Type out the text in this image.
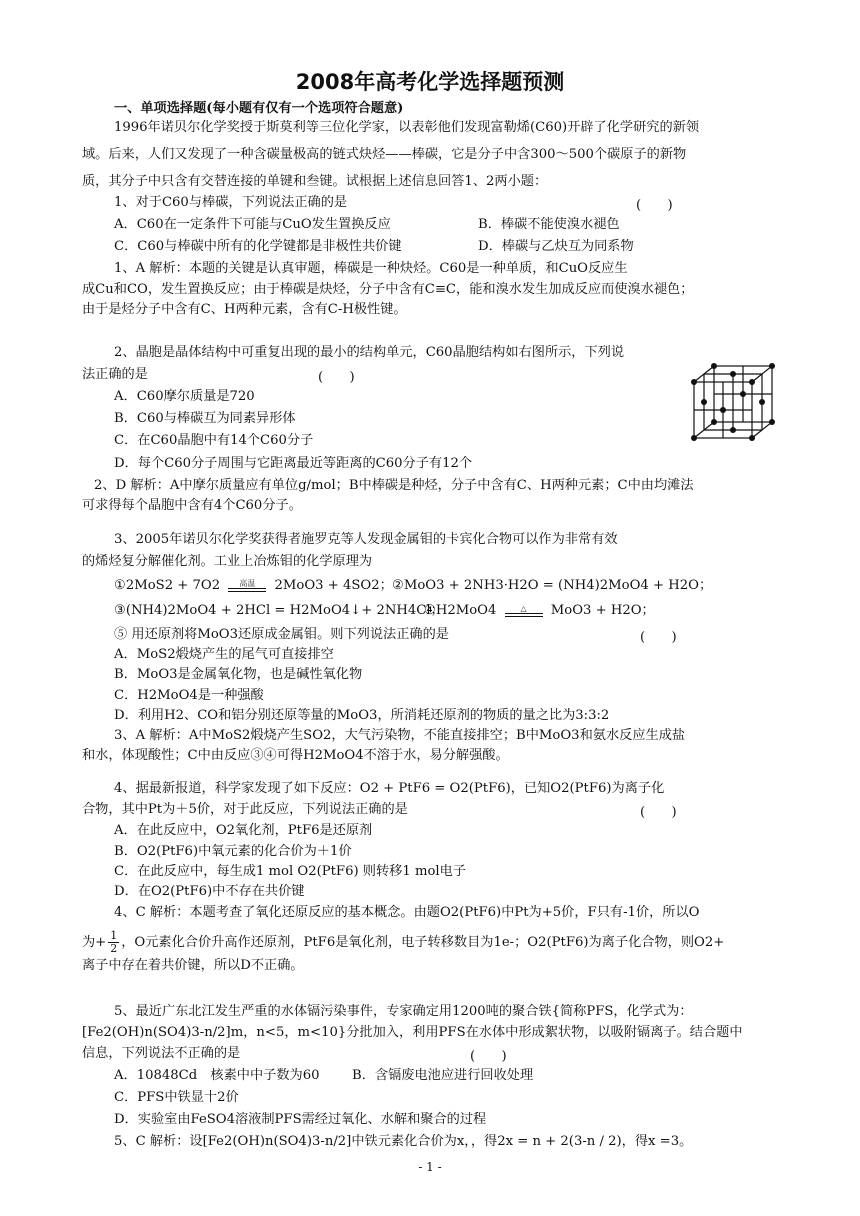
2008年高考化学选择题预测
一、单项选择题(每小题有仅有一个选项符合题意)
1996年诺贝尔化学奖授于斯莫利等三位化学家，以表彰他们发现富勒烯(C60)开辟了化学研究的新领
域。后来，人们又发现了一种含碳量极高的链式炔烃——棒碳，它是分子中含300～500个碳原子的新物
质，其分子中只含有交替连接的单键和叁键。试根据上述信息回答1、2两小题：
1、对于C60与棒碳，下列说法正确的是	(　　)
A．C60在一定条件下可能与CuO发生置换反应	B．棒碳不能使溴水褪色
C．C60与棒碳中所有的化学键都是非极性共价键	D．棒碳与乙炔互为同系物
1、A 解析：本题的关键是认真审题，棒碳是一种炔烃。C60是一种单质，和CuO反应生
成Cu和CO，发生置换反应；由于棒碳是炔烃，分子中含有C≡C，能和溴水发生加成反应而使溴水褪色；
由于是烃分子中含有C、H两种元素，含有C-H极性键。
2、晶胞是晶体结构中可重复出现的最小的结构单元，C60晶胞结构如右图所示，下列说
法正确的是	(　　)
A．C60摩尔质量是720
B．C60与棒碳互为同素异形体
C．在C60晶胞中有14个C60分子
D．每个C60分子周围与它距离最近等距离的C60分子有12个
2、D 解析：A中摩尔质量应有单位g/mol；B中棒碳是种烃，分子中含有C、H两种元素；C中由均滩法
可求得每个晶胞中含有4个C60分子。
3、2005年诺贝尔化学奖获得者施罗克等人发现金属钼的卡宾化合物可以作为非常有效
的烯烃复分解催化剂。工业上冶炼钼的化学原理为
①2MoS2 + 7O2	高温	2MoO3 + 4SO2； ②MoO3 + 2NH3·H2O = (NH4)2MoO4 + H2O；
③(NH4)2MoO4 + 2HCl = H2MoO4↓+ 2NH4Cl；
④H2MoO4	△	MoO3 + H2O；
⑤ 用还原剂将MoO3还原成金属钼。则下列说法正确的是	(　　)
A．MoS2煅烧产生的尾气可直接排空
B．MoO3是金属氧化物，也是碱性氧化物
C．H2MoO4是一种强酸
D．利用H2、CO和铝分别还原等量的MoO3，所消耗还原剂的物质的量之比为3:3:2
3、A 解析：A中MoS2煅烧产生SO2，大气污染物，不能直接排空；B中MoO3和氨水反应生成盐
和水，体现酸性；C中由反应③④可得H2MoO4不溶于水，易分解强酸。
4、据最新报道，科学家发现了如下反应：O2 + PtF6 = O2(PtF6)，已知O2(PtF6)为离子化
合物，其中Pt为＋5价，对于此反应，下列说法正确的是	(　　)
A．在此反应中，O2氧化剂，PtF6是还原剂
B．O2(PtF6)中氧元素的化合价为＋1价
C．在此反应中，每生成1 mol O2(PtF6) 则转移1 mol电子
D．在O2(PtF6)中不存在共价键
4、C 解析：本题考查了氧化还原反应的基本概念。由题O2(PtF6)中Pt为+5价，F只有-1价，所以O
为+ $\frac{1}{2}$ ，O元素化合价升高作还原剂，PtF6是氧化剂，电子转移数目为1e-；O2(PtF6)为离子化合物，则O2+
离子中存在着共价键，所以D不正确。
5、最近广东北江发生严重的水体镉污染事件，专家确定用1200吨的聚合铁{简称PFS，化学式为：
[Fe2(OH)n(SO4)3-n/2]m，n<5，m<10}分批加入，利用PFS在水体中形成絮状物，以吸附镉离子。结合题中
信息，下列说法不正确的是	(　　)
A．10848Cd　核素中中子数为60 B．含镉废电池应进行回收处理
C．PFS中铁显十2价
D．实验室由FeSO4溶液制PFS需经过氧化、水解和聚合的过程
5、C 解析：设[Fe2(OH)n(SO4)3-n/2]中铁元素化合价为x，，得2x = n + 2(3-n / 2)，得x =3。
- 1 -
